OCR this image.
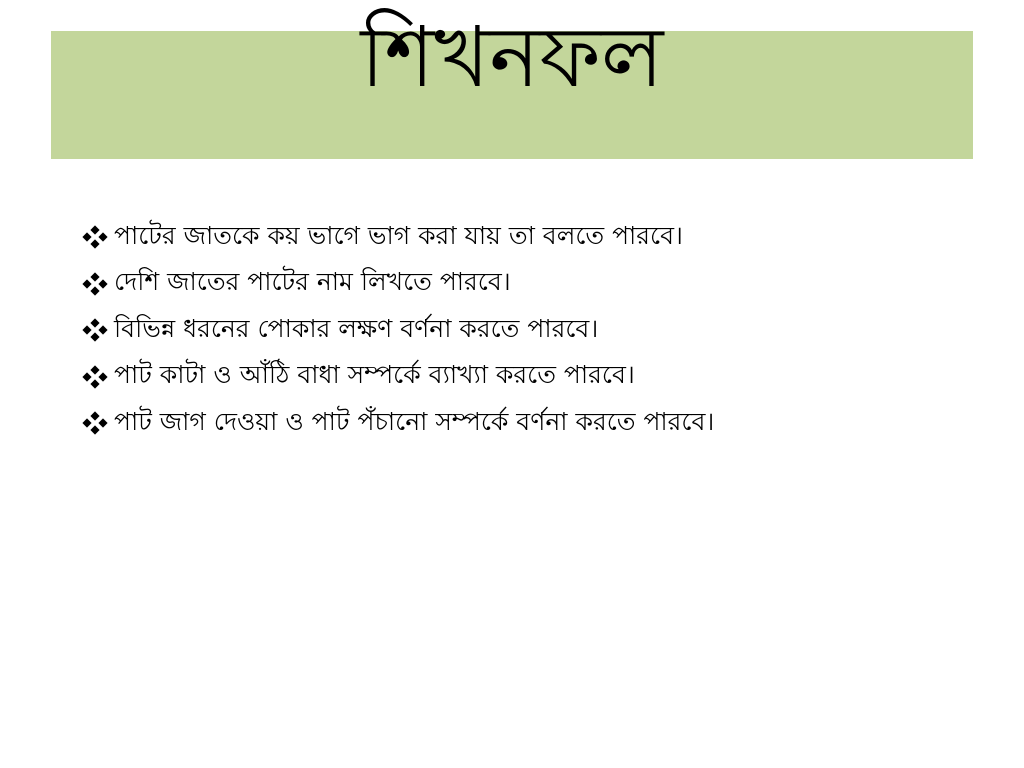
শিখনফল
পাটের জাতকে কয় ভাগে ভাগ করা যায় তা বলতে পারবে।
দেশি জাতের পাটের নাম লিখতে পারবে।
বিভিন্ন ধরনের পোকার লক্ষণ বর্ণনা করতে পারবে।
পাট কাটা ও আঁঠি বাধা সম্পর্কে ব্যাখ্যা করতে পারবে।
পাট জাগ দেওয়া ও পাট পঁচানো সম্পর্কে বর্ণনা করতে পারবে।
